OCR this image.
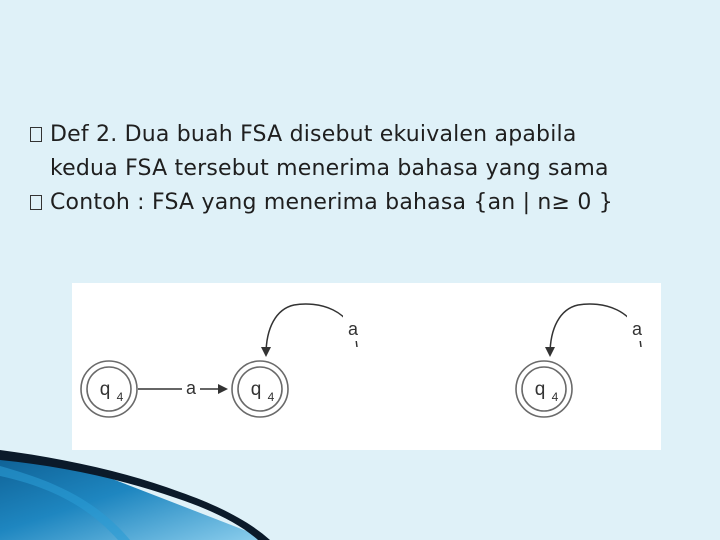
Def 2. Dua buah FSA disebut ekuivalen apabila
kedua FSA tersebut menerima bahasa yang sama
Contoh : FSA yang menerima bahasa {an | n≥ 0 }
q 4	a	q 4
a
q 4
a
